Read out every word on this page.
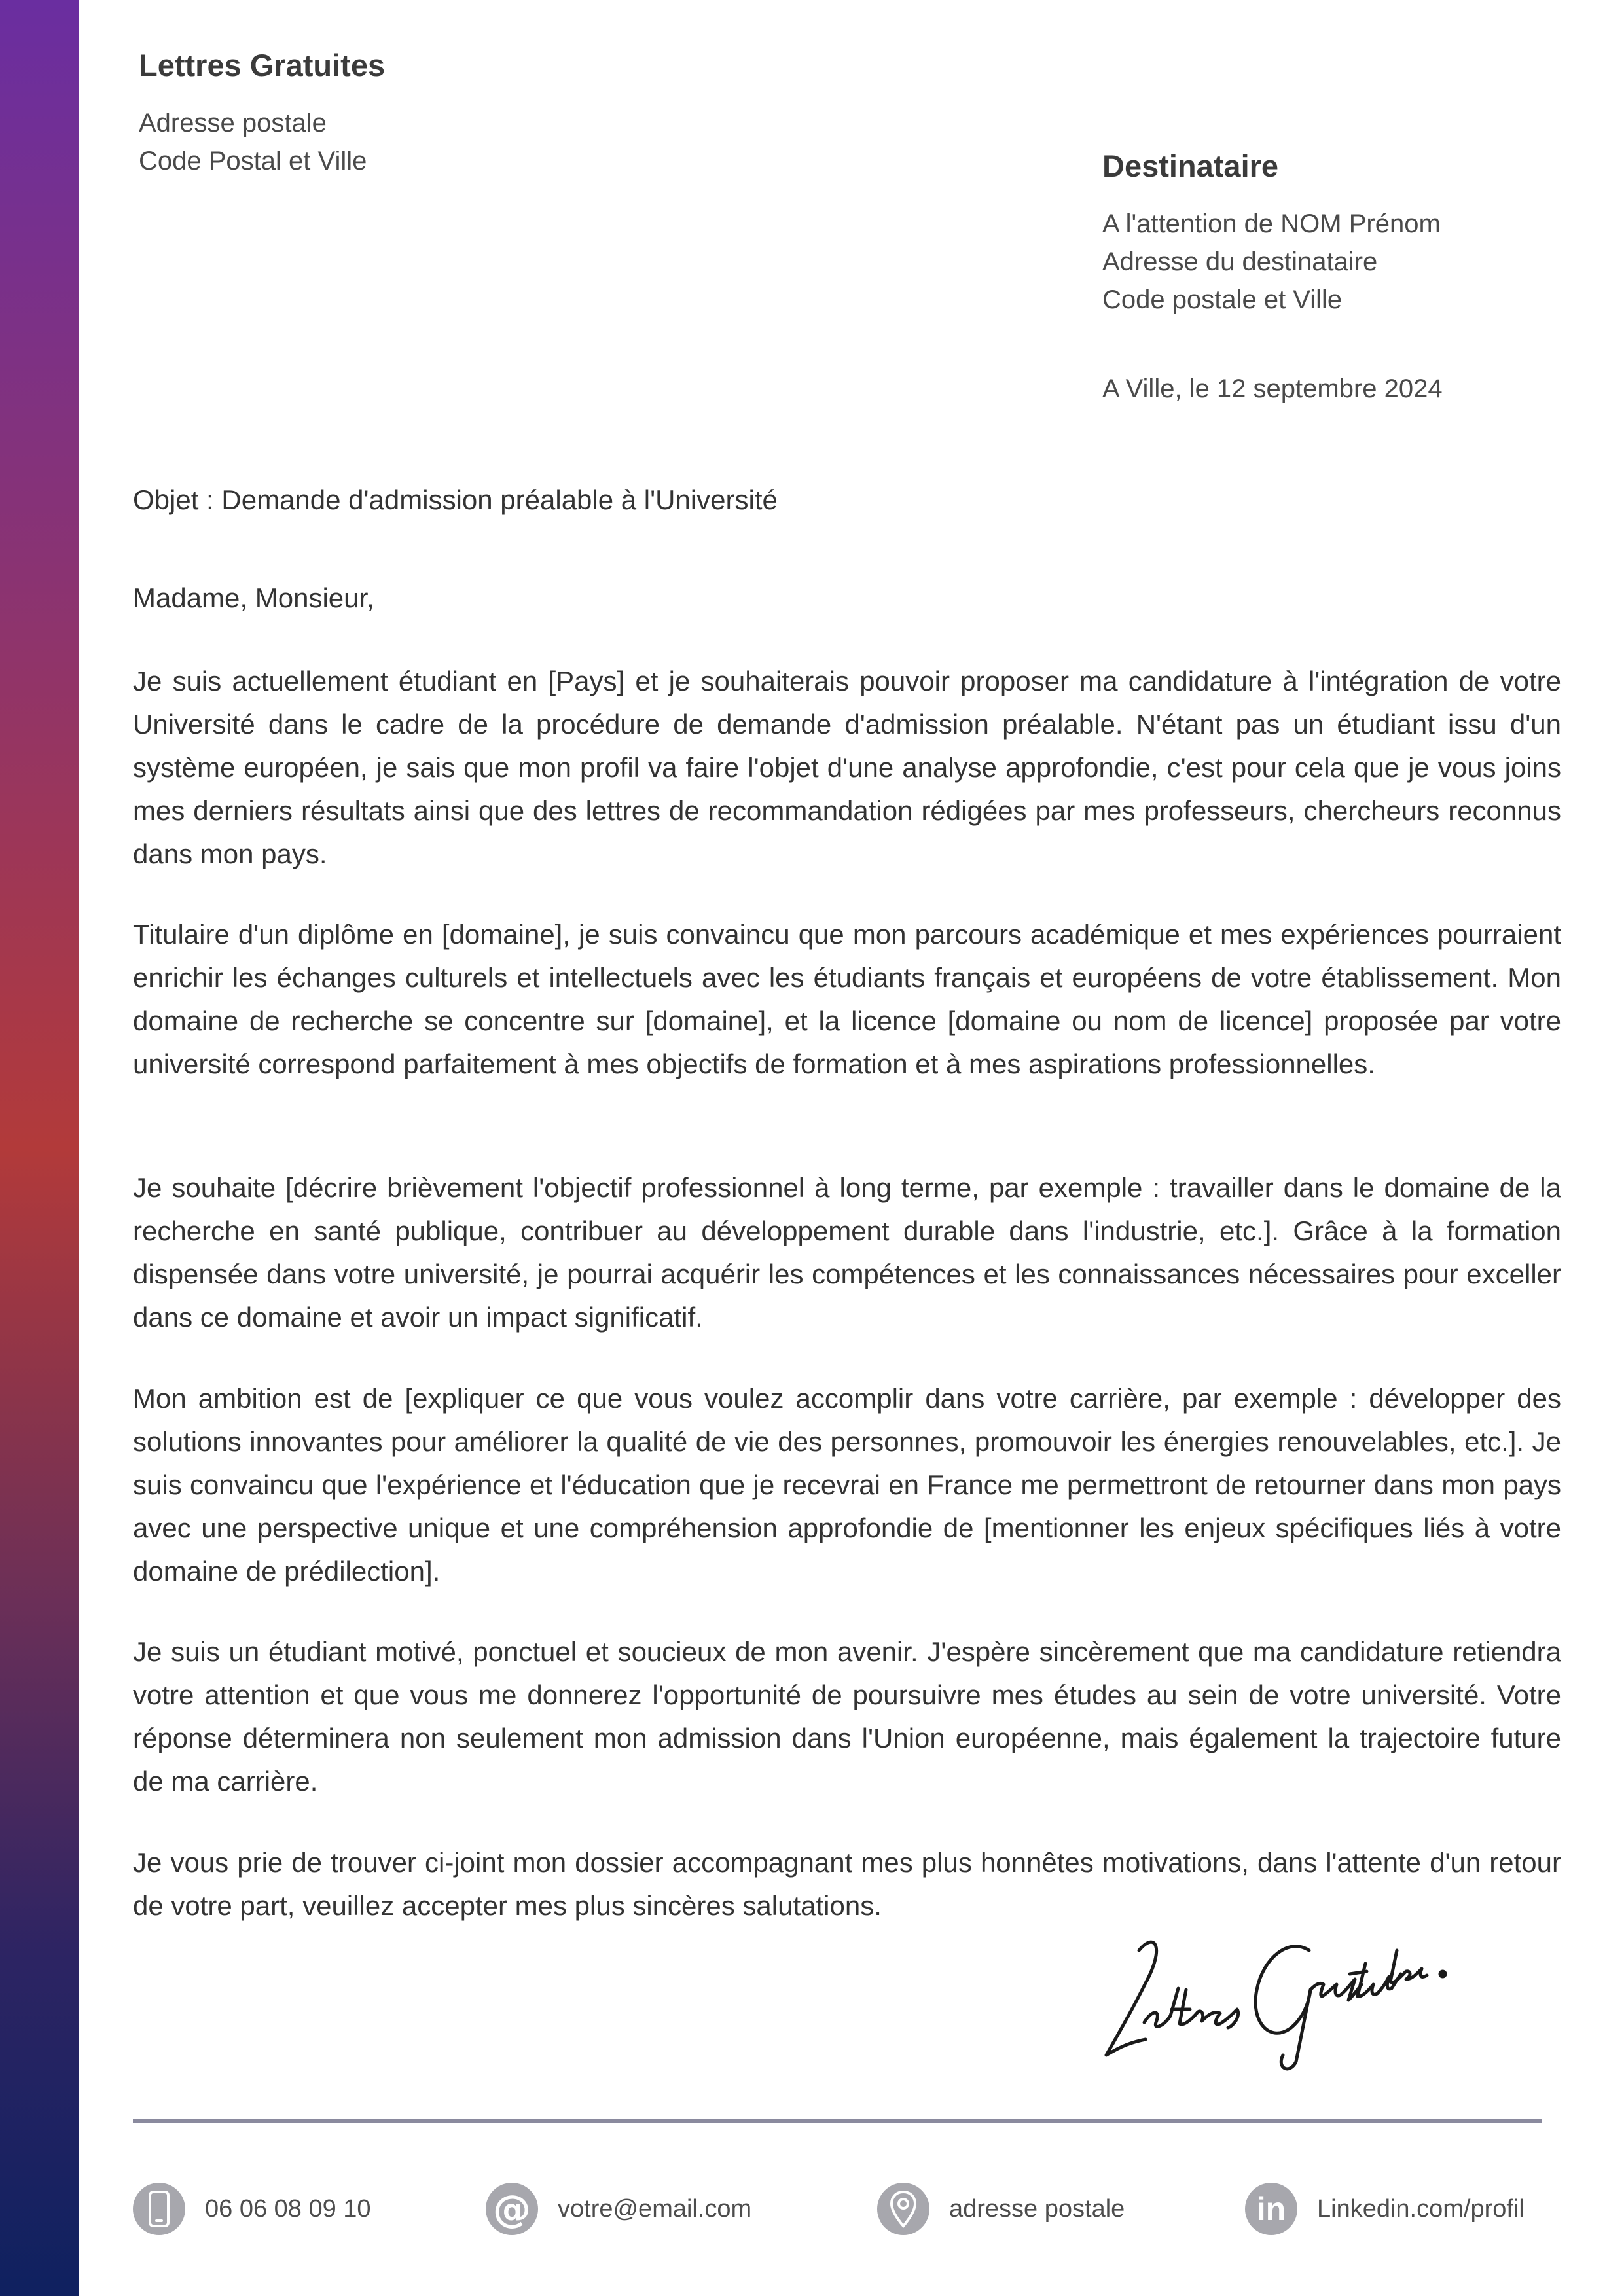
Lettres Gratuites
Adresse postale
Code Postal et Ville	Destinataire
A l'attention de NOM Prénom
Adresse du destinataire
Code postale et Ville
A Ville, le 12 septembre 2024
Objet : Demande d'admission préalable à l'Université
Madame, Monsieur,

Je suis actuellement étudiant en [Pays] et je souhaiterais pouvoir proposer ma candidature à l'intégration de votre Université dans le cadre de la procédure de demande d'admission préalable. N'étant pas un étudiant issu d'un système européen, je sais que mon profil va faire l'objet d'une analyse approfondie, c'est pour cela que je vous joins mes derniers résultats ainsi que des lettres de recommandation rédigées par mes professeurs, chercheurs reconnus dans mon pays.

Titulaire d'un diplôme en [domaine], je suis convaincu que mon parcours académique et mes expériences pourraient enrichir les échanges culturels et intellectuels avec les étudiants français et européens de votre établissement. Mon domaine de recherche se concentre sur [domaine], et la licence [domaine ou nom de licence] proposée par votre université correspond parfaitement à mes objectifs de formation et à mes aspirations professionnelles.

Je souhaite [décrire brièvement l'objectif professionnel à long terme, par exemple : travailler dans le domaine de la recherche en santé publique, contribuer au développement durable dans l'industrie, etc.]. Grâce à la formation dispensée dans votre université, je pourrai acquérir les compétences et les connaissances nécessaires pour exceller dans ce domaine et avoir un impact significatif.

Mon ambition est de [expliquer ce que vous voulez accomplir dans votre carrière, par exemple : développer des solutions innovantes pour améliorer la qualité de vie des personnes, promouvoir les énergies renouvelables, etc.]. Je suis convaincu que l'expérience et l'éducation que je recevrai en France me permettront de retourner dans mon pays avec une perspective unique et une compréhension approfondie de [mentionner les enjeux spécifiques liés à votre domaine de prédilection].

Je suis un étudiant motivé, ponctuel et soucieux de mon avenir. J'espère sincèrement que ma candidature retiendra votre attention et que vous me donnerez l'opportunité de poursuivre mes études au sein de votre université. Votre réponse déterminera non seulement mon admission dans l'Union européenne, mais également la trajectoire future de ma carrière.

Je vous prie de trouver ci-joint mon dossier accompagnant mes plus honnêtes motivations, dans l'attente d'un retour de votre part, veuillez accepter mes plus sincères salutations.

06 06 08 09 10	@ votre@email.com	adresse postale	in Linkedin.com/profil
